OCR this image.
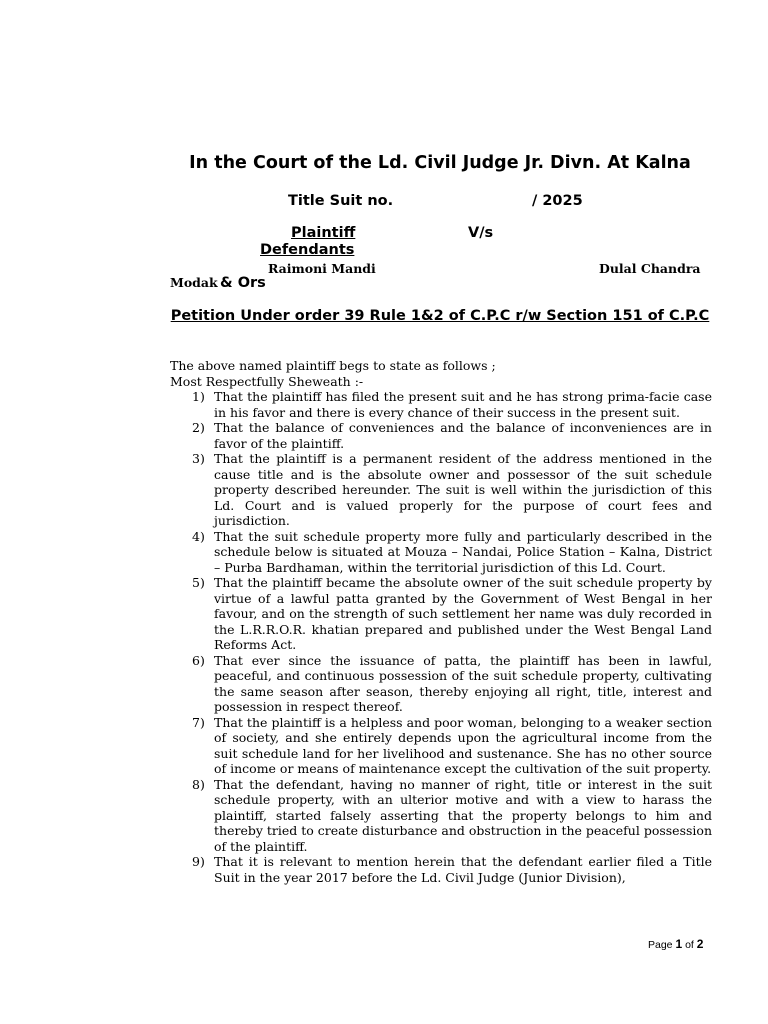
In the Court of the Ld. Civil Judge Jr. Divn. At Kalna
Title Suit no.	/ 2025
Plaintiff	V/s
Defendants
Raimoni Mandi	Dulal Chandra
Modak & Ors
Petition Under order 39 Rule 1&2 of C.P.C r/w Section 151 of C.P.C
The above named plaintiff begs to state as follows ;
Most Respectfully Sheweath :-
1) That the plaintiff has filed the present suit and he has strong prima-facie case in his favor and there is every chance of their success in the present suit.
2) That the balance of conveniences and the balance of inconveniences are in favor of the plaintiff.
3) That the plaintiff is a permanent resident of the address mentioned in the cause title and is the absolute owner and possessor of the suit schedule property described hereunder. The suit is well within the jurisdiction of this Ld. Court and is valued properly for the purpose of court fees and jurisdiction.
4) That the suit schedule property more fully and particularly described in the schedule below is situated at Mouza – Nandai, Police Station – Kalna, District – Purba Bardhaman, within the territorial jurisdiction of this Ld. Court.
5) That the plaintiff became the absolute owner of the suit schedule property by virtue of a lawful patta granted by the Government of West Bengal in her favour, and on the strength of such settlement her name was duly recorded in the L.R.R.O.R. khatian prepared and published under the West Bengal Land Reforms Act.
6) That ever since the issuance of patta, the plaintiff has been in lawful, peaceful, and continuous possession of the suit schedule property, cultivating the same season after season, thereby enjoying all right, title, interest and possession in respect thereof.
7) That the plaintiff is a helpless and poor woman, belonging to a weaker section of society, and she entirely depends upon the agricultural income from the suit schedule land for her livelihood and sustenance. She has no other source of income or means of maintenance except the cultivation of the suit property.
8) That the defendant, having no manner of right, title or interest in the suit schedule property, with an ulterior motive and with a view to harass the plaintiff, started falsely asserting that the property belongs to him and thereby tried to create disturbance and obstruction in the peaceful possession of the plaintiff.
9) That it is relevant to mention herein that the defendant earlier filed a Title Suit in the year 2017 before the Ld. Civil Judge (Junior Division),
Page 1 of 2
